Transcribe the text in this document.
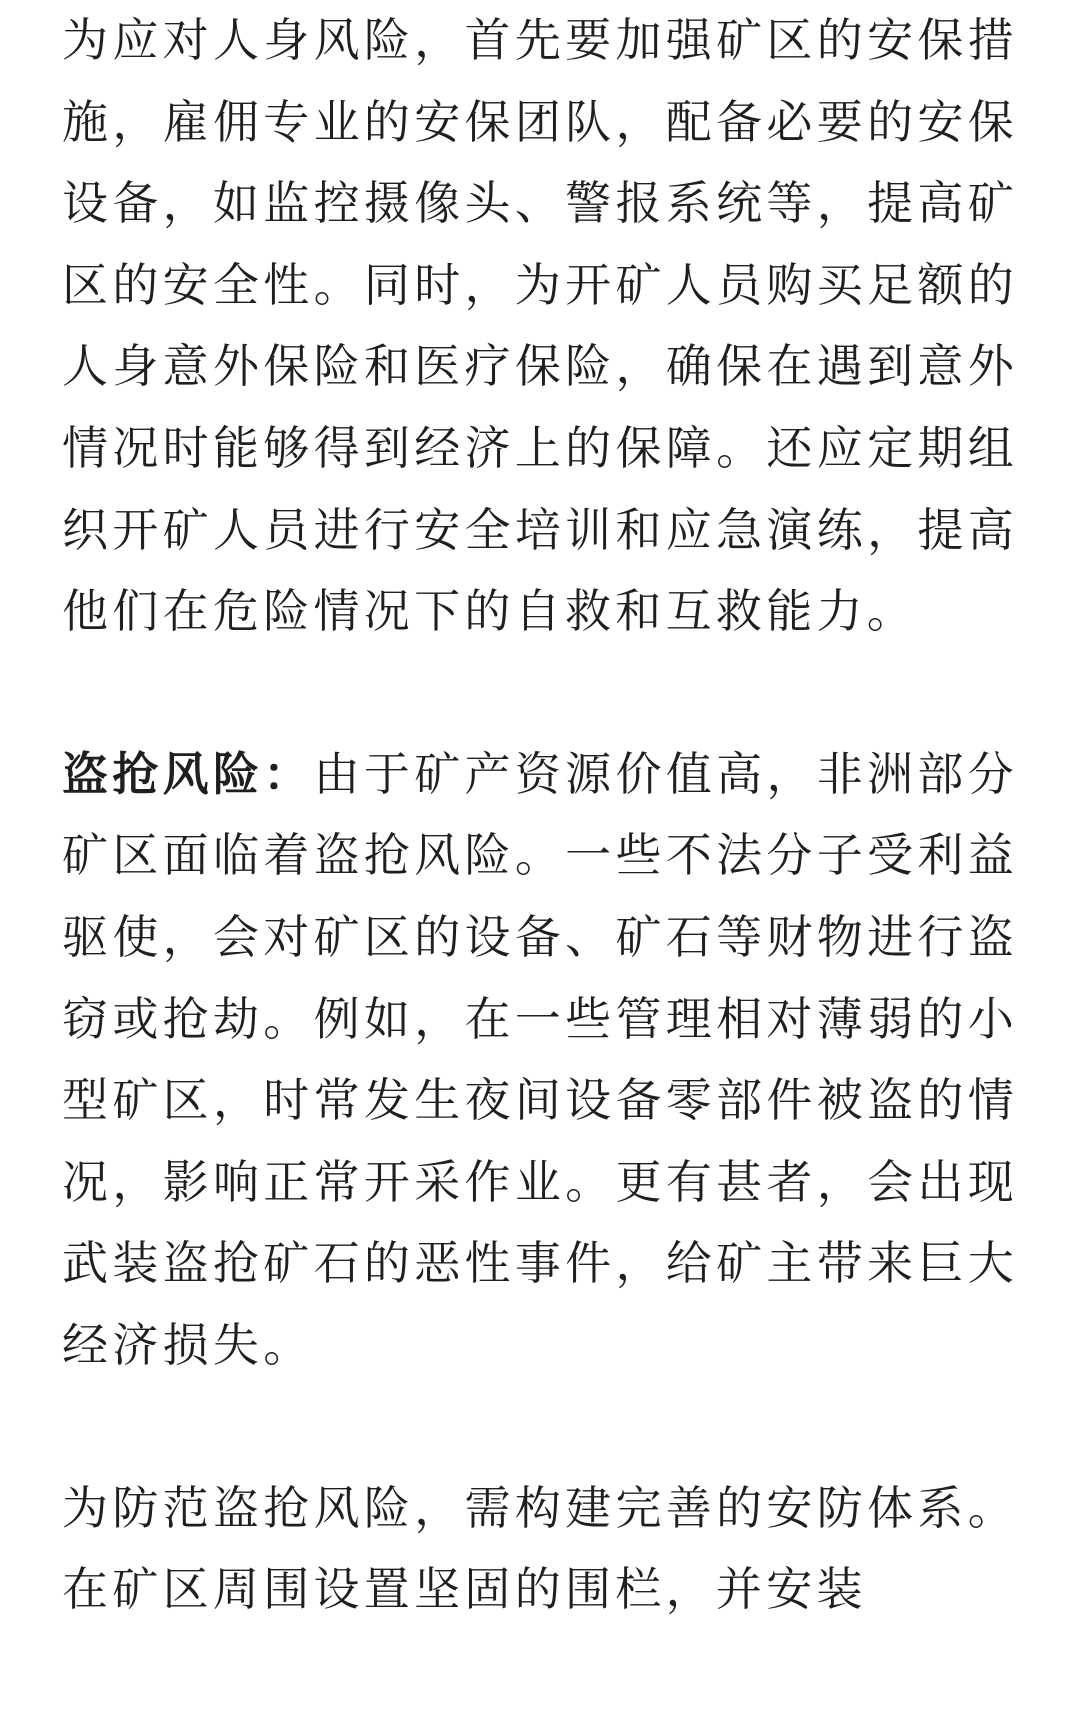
为应对人身风险，首先要加强矿区的安保措施，雇佣专业的安保团队，配备必要的安保设备，如监控摄像头、警报系统等，提高矿区的安全性。同时，为开矿人员购买足额的人身意外保险和医疗保险，确保在遇到意外情况时能够得到经济上的保障。还应定期组织开矿人员进行安全培训和应急演练，提高他们在危险情况下的自救和互救能力。

盗抢风险：由于矿产资源价值高，非洲部分矿区面临着盗抢风险。一些不法分子受利益驱使，会对矿区的设备、矿石等财物进行盗窃或抢劫。例如，在一些管理相对薄弱的小型矿区，时常发生夜间设备零部件被盗的情况，影响正常开采作业。更有甚者，会出现武装盗抢矿石的恶性事件，给矿主带来巨大经济损失。

为防范盗抢风险，需构建完善的安防体系。在矿区周围设置坚固的围栏，并安装
